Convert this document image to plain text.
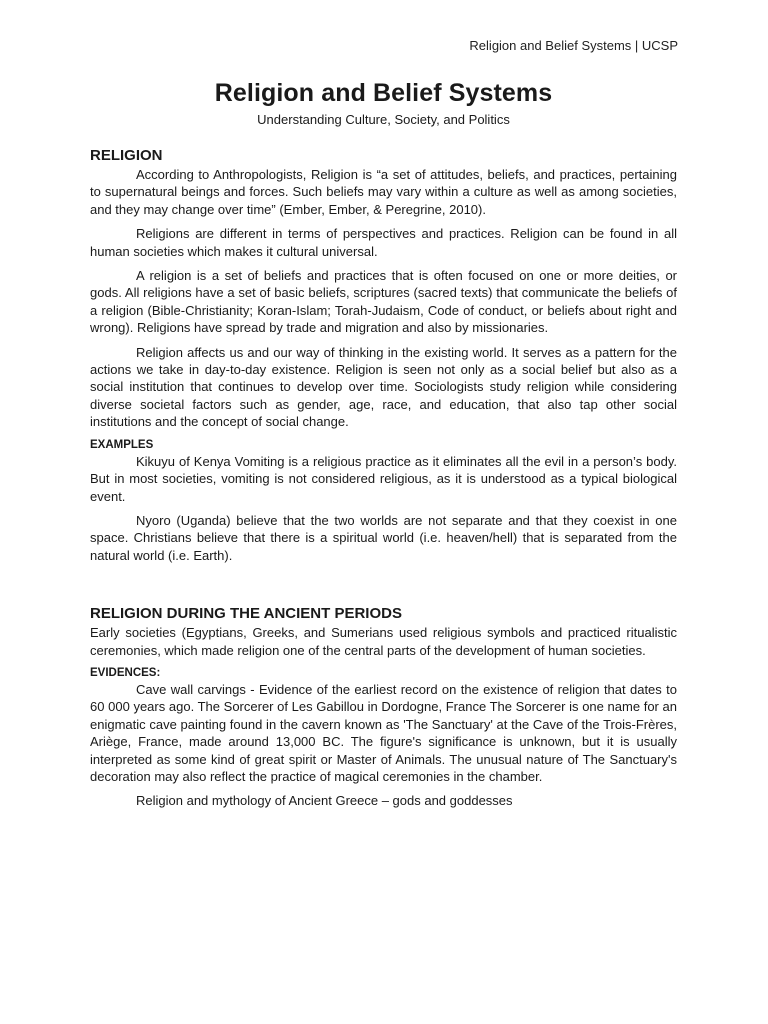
Religion and Belief Systems | UCSP
Religion and Belief Systems
Understanding Culture, Society, and Politics
RELIGION

According to Anthropologists, Religion is “a set of attitudes, beliefs, and practices, pertaining to supernatural beings and forces. Such beliefs may vary within a culture as well as among societies, and they may change over time” (Ember, Ember, & Peregrine, 2010).

Religions are different in terms of perspectives and practices. Religion can be found in all human societies which makes it cultural universal.

A religion is a set of beliefs and practices that is often focused on one or more deities, or gods. All religions have a set of basic beliefs, scriptures (sacred texts) that communicate the beliefs of a religion (Bible-Christianity; Koran-Islam; Torah-Judaism, Code of conduct, or beliefs about right and wrong). Religions have spread by trade and migration and also by missionaries.

Religion affects us and our way of thinking in the existing world. It serves as a pattern for the actions we take in day-to-day existence. Religion is seen not only as a social belief but also as a social institution that continues to develop over time. Sociologists study religion while considering diverse societal factors such as gender, age, race, and education, that also tap other social institutions and the concept of social change.

EXAMPLES

Kikuyu of Kenya Vomiting is a religious practice as it eliminates all the evil in a person’s body. But in most societies, vomiting is not considered religious, as it is understood as a typical biological event.

Nyoro (Uganda) believe that the two worlds are not separate and that they coexist in one space. Christians believe that there is a spiritual world (i.e. heaven/hell) that is separated from the natural world (i.e. Earth).

RELIGION DURING THE ANCIENT PERIODS

Early societies (Egyptians, Greeks, and Sumerians used religious symbols and practiced ritualistic ceremonies, which made religion one of the central parts of the development of human societies.

EVIDENCES:

Cave wall carvings - Evidence of the earliest record on the existence of religion that dates to 60 000 years ago. The Sorcerer of Les Gabillou in Dordogne, France The Sorcerer is one name for an enigmatic cave painting found in the cavern known as 'The Sanctuary' at the Cave of the Trois-Frères, Ariège, France, made around 13,000 BC. The figure's significance is unknown, but it is usually interpreted as some kind of great spirit or Master of Animals. The unusual nature of The Sanctuary's decoration may also reflect the practice of magical ceremonies in the chamber.

Religion and mythology of Ancient Greece – gods and goddesses
